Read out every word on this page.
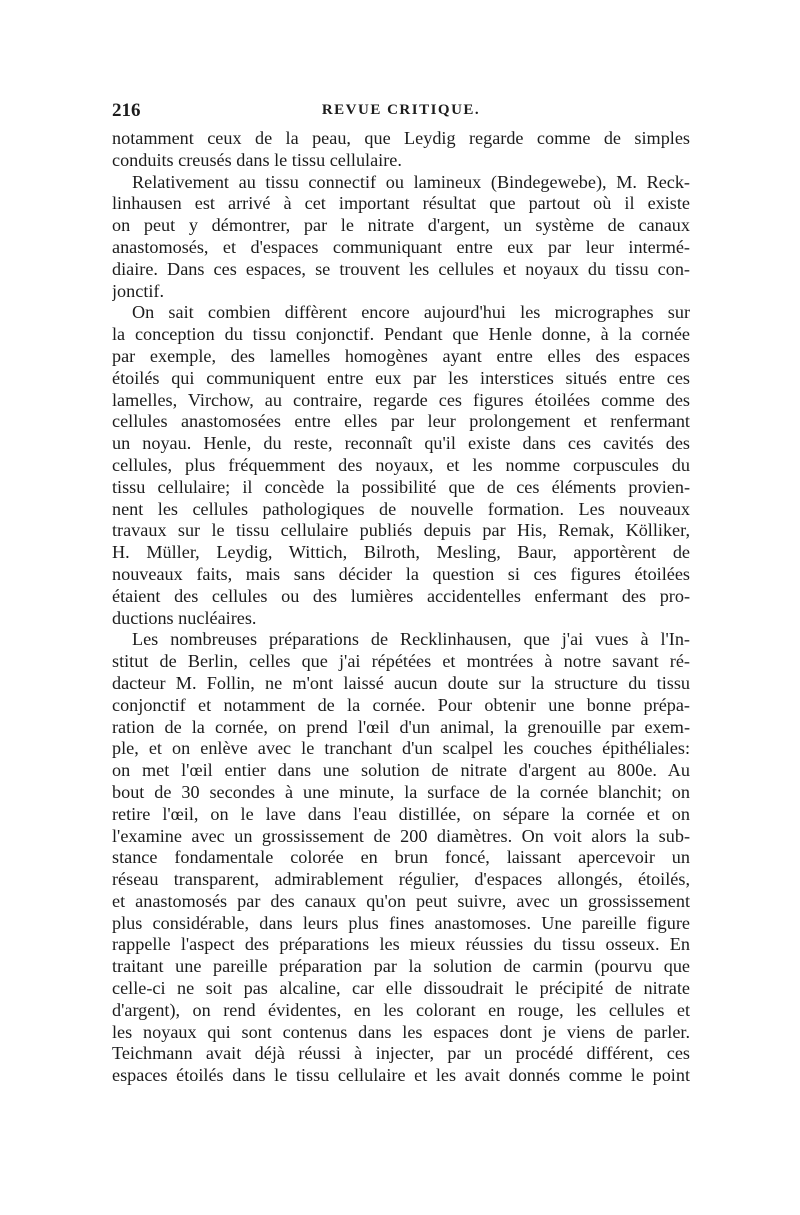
216	REVUE CRITIQUE.
notamment ceux de la peau, que Leydig regarde comme de simples
conduits creusés dans le tissu cellulaire.
Relativement au tissu connectif ou lamineux (Bindegewebe), M. Reck-
linhausen est arrivé à cet important résultat que partout où il existe
on peut y démontrer, par le nitrate d'argent, un système de canaux
anastomosés, et d'espaces communiquant entre eux par leur intermé-
diaire. Dans ces espaces, se trouvent les cellules et noyaux du tissu con-
jonctif.
On sait combien diffèrent encore aujourd'hui les micrographes sur
la conception du tissu conjonctif. Pendant que Henle donne, à la cornée
par exemple, des lamelles homogènes ayant entre elles des espaces
étoilés qui communiquent entre eux par les interstices situés entre ces
lamelles, Virchow, au contraire, regarde ces figures étoilées comme des
cellules anastomosées entre elles par leur prolongement et renfermant
un noyau. Henle, du reste, reconnaît qu'il existe dans ces cavités des
cellules, plus fréquemment des noyaux, et les nomme corpuscules du
tissu cellulaire; il concède la possibilité que de ces éléments provien-
nent les cellules pathologiques de nouvelle formation. Les nouveaux
travaux sur le tissu cellulaire publiés depuis par His, Remak, Kölliker,
H. Müller, Leydig, Wittich, Bilroth, Mesling, Baur, apportèrent de
nouveaux faits, mais sans décider la question si ces figures étoilées
étaient des cellules ou des lumières accidentelles enfermant des pro-
ductions nucléaires.
Les nombreuses préparations de Recklinhausen, que j'ai vues à l'In-
stitut de Berlin, celles que j'ai répétées et montrées à notre savant ré-
dacteur M. Follin, ne m'ont laissé aucun doute sur la structure du tissu
conjonctif et notamment de la cornée. Pour obtenir une bonne prépa-
ration de la cornée, on prend l'œil d'un animal, la grenouille par exem-
ple, et on enlève avec le tranchant d'un scalpel les couches épithéliales:
on met l'œil entier dans une solution de nitrate d'argent au 800e. Au
bout de 30 secondes à une minute, la surface de la cornée blanchit; on
retire l'œil, on le lave dans l'eau distillée, on sépare la cornée et on
l'examine avec un grossissement de 200 diamètres. On voit alors la sub-
stance fondamentale colorée en brun foncé, laissant apercevoir un
réseau transparent, admirablement régulier, d'espaces allongés, étoilés,
et anastomosés par des canaux qu'on peut suivre, avec un grossissement
plus considérable, dans leurs plus fines anastomoses. Une pareille figure
rappelle l'aspect des préparations les mieux réussies du tissu osseux. En
traitant une pareille préparation par la solution de carmin (pourvu que
celle-ci ne soit pas alcaline, car elle dissoudrait le précipité de nitrate
d'argent), on rend évidentes, en les colorant en rouge, les cellules et
les noyaux qui sont contenus dans les espaces dont je viens de parler.
Teichmann avait déjà réussi à injecter, par un procédé différent, ces
espaces étoilés dans le tissu cellulaire et les avait donnés comme le point
